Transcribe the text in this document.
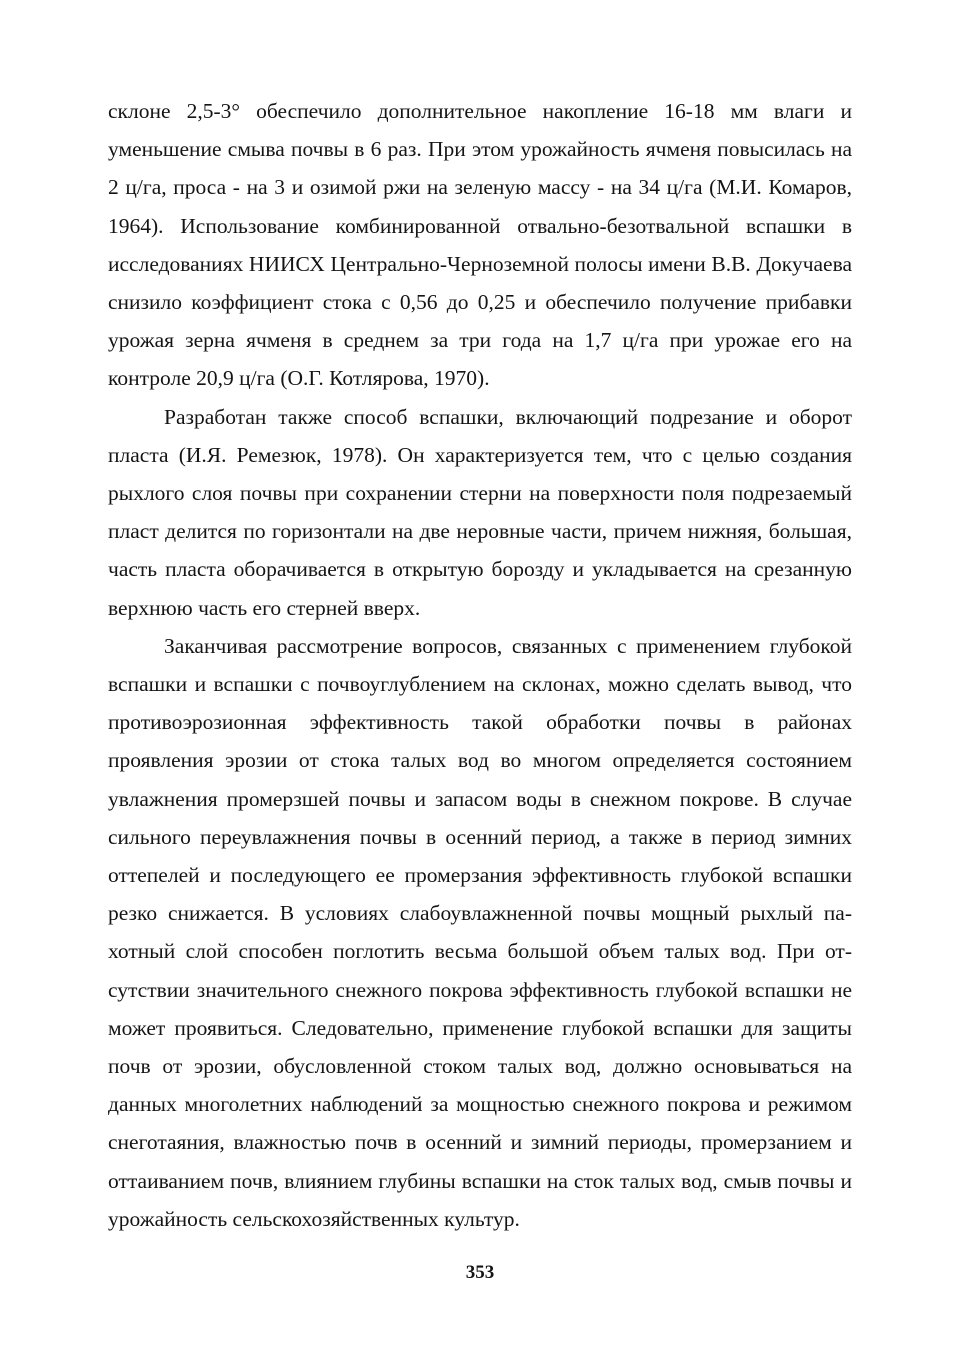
склоне 2,5-3° обеспечило дополнительное накопление 16-18 мм влаги и уменьшение смыва почвы в 6 раз. При этом урожайность ячменя повысилась на 2 ц/га, проса - на 3 и озимой ржи на зеленую массу - на 34 ц/га (М.И. Комаров, 1964). Использование комбинированной отвально-безотвальной вспашки в исследованиях НИИСХ Центрально-Черноземной полосы имени В.В. Докучаева снизило коэффициент стока с 0,56 до 0,25 и обеспечило получение прибавки урожая зерна ячменя в среднем за три года на 1,7 ц/га при урожае его на контроле 20,9 ц/га (О.Г. Котлярова, 1970).

Разработан также способ вспашки, включающий подрезание и оборот пласта (И.Я. Ремезюк, 1978). Он характеризуется тем, что с целью создания рыхлого слоя почвы при сохранении стерни на поверхности поля подрезаемый пласт делится по горизонтали на две неровные части, причем нижняя, большая, часть пласта оборачивается в открытую борозду и укладывается на срезанную верхнюю часть его стерней вверх.

Заканчивая рассмотрение вопросов, связанных с применением глубокой вспашки и вспашки с почвоуглублением на склонах, можно сделать вывод, что противоэрозионная эффективность такой обработки почвы в районах проявления эрозии от стока талых вод во многом определяется состоянием увлажнения промерзшей почвы и запасом воды в снежном покрове. В случае сильного переувлажнения почвы в осенний период, а также в период зимних оттепелей и последующего ее промерзания эффективность глубокой вспашки резко снижается. В условиях слабоувлажненной почвы мощный рыхлый пахотный слой способен поглотить весьма большой объем талых вод. При отсутствии значительного снежного покрова эффективность глубокой вспашки не может проявиться. Следовательно, применение глубокой вспашки для защиты почв от эрозии, обусловленной стоком талых вод, должно основываться на данных многолетних наблюдений за мощностью снежного покрова и режимом снеготаяния, влажностью почв в осенний и зимний периоды, промерзанием и оттаиванием почв, влиянием глубины вспашки на сток талых вод, смыв почвы и урожайность сельскохозяйственных культур.

353
